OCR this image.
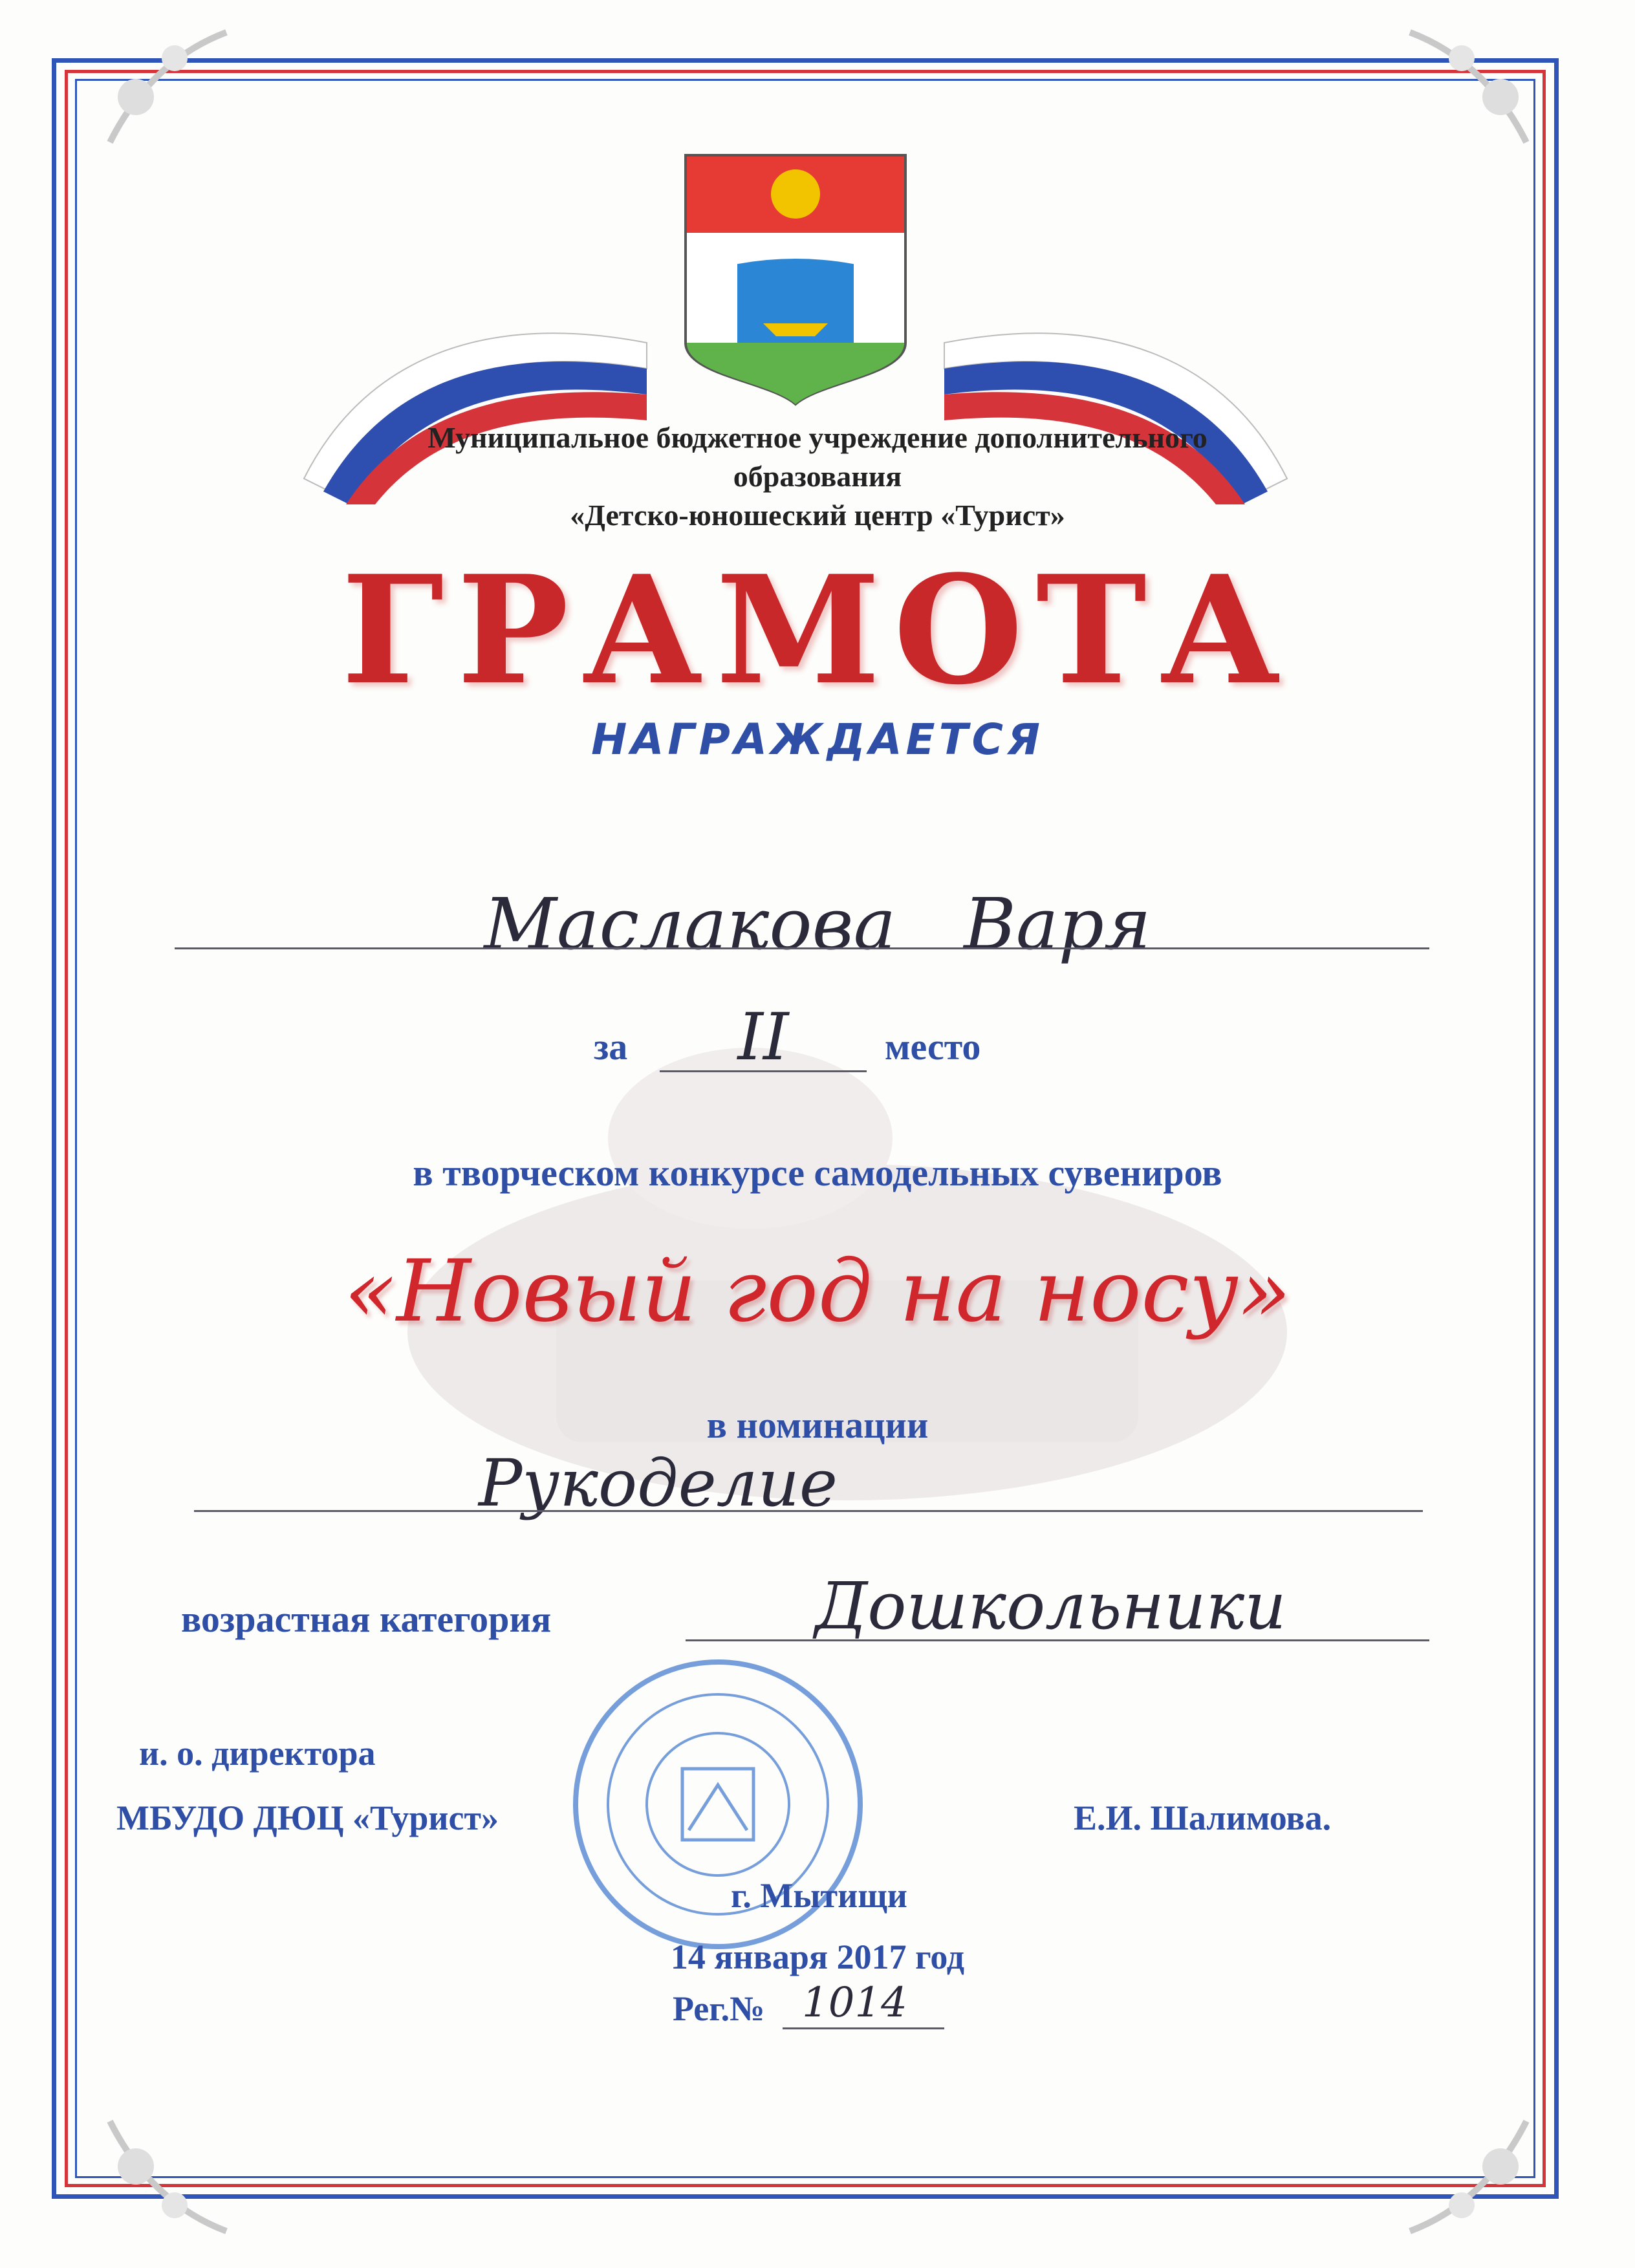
Муниципальное бюджетное учреждение дополнительного
образования
«Детско-юношеский центр «Турист»
ГРАМОТА
НАГРАЖДАЕТСЯ
Маслакова   Варя
за	II	место
в творческом конкурсе самодельных сувениров
«Новый год на носу»
в номинации
Рукоделие
возрастная категория	Дошкольники
и. о. директора
МБУДО ДЮЦ «Турист»	Е.И. Шалимова.
г. Мытищи
14 января 2017 год
Рег.№ 1014
